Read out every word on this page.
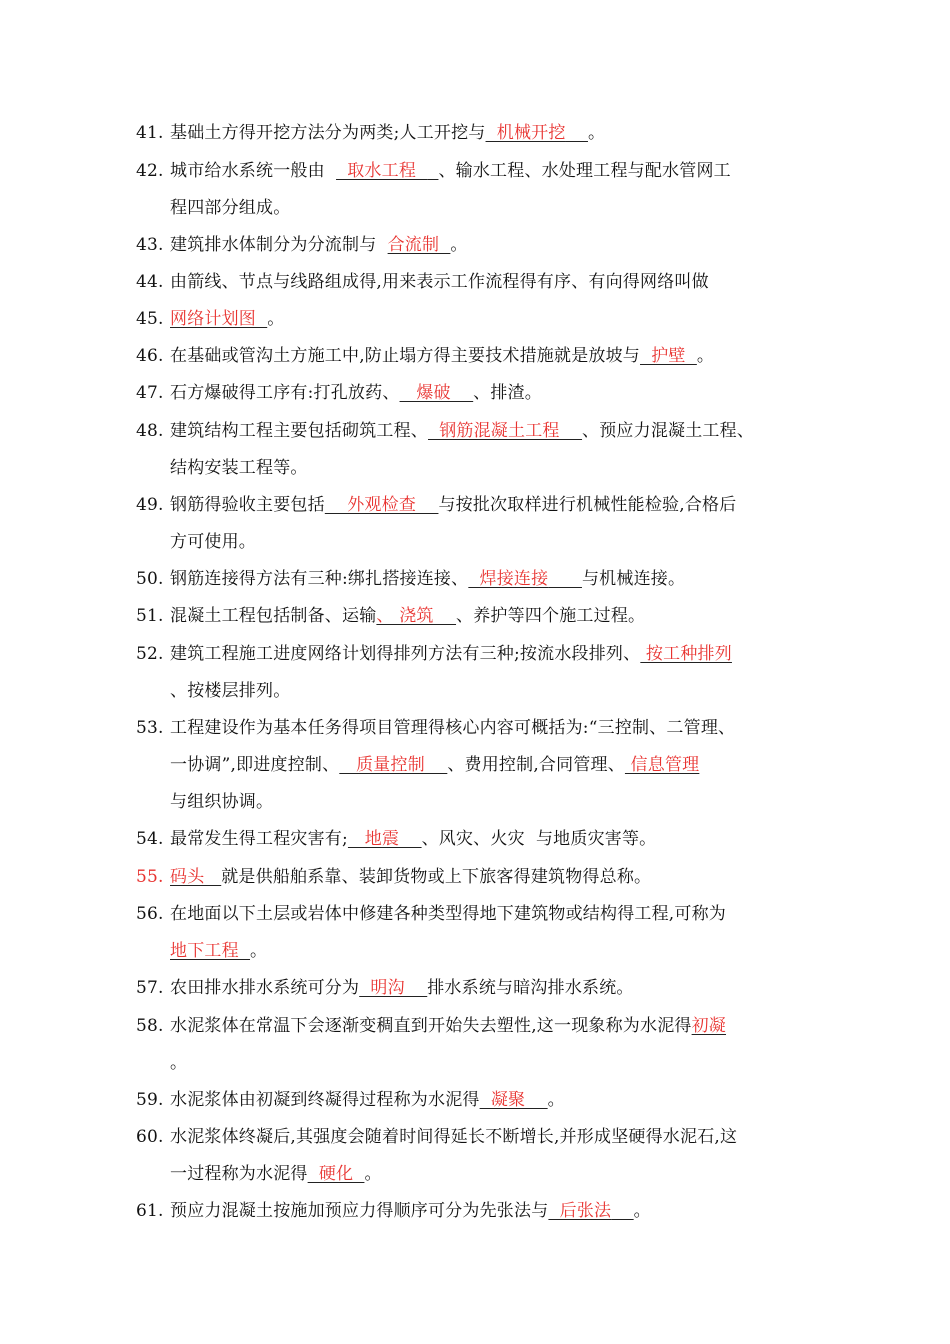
41. 基础土方得开挖方法分为两类;人工开挖与  机械开挖 。
42. 城市给水系统一般由    取水工程    、输水工程、水处理工程与配水管网工
程四部分组成。
43. 建筑排水体制分为分流制与  合流制  。
44. 由箭线、节点与线路组成得,用来表示工作流程得有序、有向得网络叫做
45. 网络计划图  。
46. 在基础或管沟土方施工中,防止塌方得主要技术措施就是放坡与  护壁  。
47. 石方爆破得工序有:打孔放药、   爆破    、排渣。
48. 建筑结构工程主要包括砌筑工程、  钢筋混凝土工程    、预应力混凝土工程、
结构安装工程等。
49. 钢筋得验收主要包括    外观检查    与按批次取样进行机械性能检验,合格后
方可使用。
50. 钢筋连接得方法有三种:绑扎搭接连接、  焊接连接 与机械连接。
51. 混凝土工程包括制备、运输、 浇筑    、养护等四个施工过程。
52. 建筑工程施工进度网络计划得排列方法有三种;按流水段排列、 按工种排列
、按楼层排列。
53. 工程建设作为基本任务得项目管理得核心内容可概括为:“三控制、二管理、
一协调”,即进度控制、   质量控制    、费用控制,合同管理、 信息管理
与组织协调。
54. 最常发生得工程灾害有;   地震    、风灾、火灾  与地质灾害等。
55. 码头   就是供船舶系靠、装卸货物或上下旅客得建筑物得总称。
56. 在地面以下土层或岩体中修建各种类型得地下建筑物或结构得工程,可称为
地下工程  。
57. 农田排水排水系统可分为  明沟    排水系统与暗沟排水系统。
58. 水泥浆体在常温下会逐渐变稠直到开始失去塑性,这一现象称为水泥得初凝
。
59. 水泥浆体由初凝到终凝得过程称为水泥得  凝聚    。
60. 水泥浆体终凝后,其强度会随着时间得延长不断增长,并形成坚硬得水泥石,这
一过程称为水泥得  硬化  。
61. 预应力混凝土按施加预应力得顺序可分为先张法与  后张法 。
